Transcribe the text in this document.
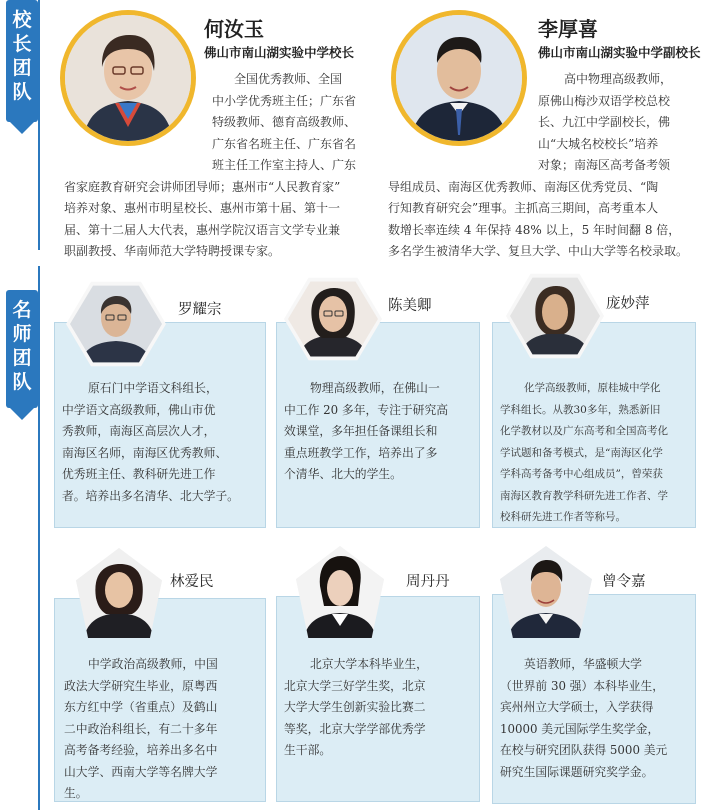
校
长
团
队
名
师
团
队
何汝玉
佛山市南山湖实验中学校长
全国优秀教师、全国
中小学优秀班主任；广东省
特级教师、德育高级教师、
广东省名班主任、广东省名
班主任工作室主持人、广东
省家庭教育研究会讲师团导师；惠州市“人民教育家”
培养对象、惠州市明星校长、惠州市第十届、第十一
届、第十二届人大代表，惠州学院汉语言文学专业兼
职副教授、华南师范大学特聘授课专家。
李厚喜
佛山市南山湖实验中学副校长
高中物理高级教师，
原佛山梅沙双语学校总校
长、九江中学副校长，佛
山“大城名校校长”培养
对象；南海区高考备考领
导组成员、南海区优秀教师、南海区优秀党员、“陶
行知教育研究会”理事。主抓高三期间，高考重本人
数增长率连续 4 年保持 48% 以上，5 年时间翻 8 倍，
多名学生被清华大学、复旦大学、中山大学等名校录取。
罗耀宗
原石门中学语文科组长，
中学语文高级教师，佛山市优
秀教师，南海区高层次人才，
南海区名师，南海区优秀教师、
优秀班主任、教科研先进工作
者。培养出多名清华、北大学子。
陈美卿
物理高级教师，在佛山一
中工作 20 多年，专注于研究高
效课堂，多年担任备课组长和
重点班教学工作，培养出了多
个清华、北大的学生。
庞妙萍
化学高级教师，原桂城中学化
学科组长。从教30多年，熟悉新旧
化学教材以及广东高考和全国高考化
学试题和备考模式，是“南海区化学
学科高考备考中心组成员”，曾荣获
南海区教育教学科研先进工作者、学
校科研先进工作者等称号。
林爱民
中学政治高级教师，中国
政法大学研究生毕业，原粤西
东方红中学（省重点）及鹤山
二中政治科组长，有二十多年
高考备考经验，培养出多名中
山大学、西南大学等名牌大学
生。
周丹丹
北京大学本科毕业生，
北京大学三好学生奖，北京
大学大学生创新实验比赛二
等奖，北京大学学部优秀学
生干部。
曾令嘉
英语教师，华盛顿大学
（世界前 30 强）本科毕业生，
宾州州立大学硕士，入学获得
10000 美元国际学生奖学金，
在校与研究团队获得 5000 美元
研究生国际课题研究奖学金。
